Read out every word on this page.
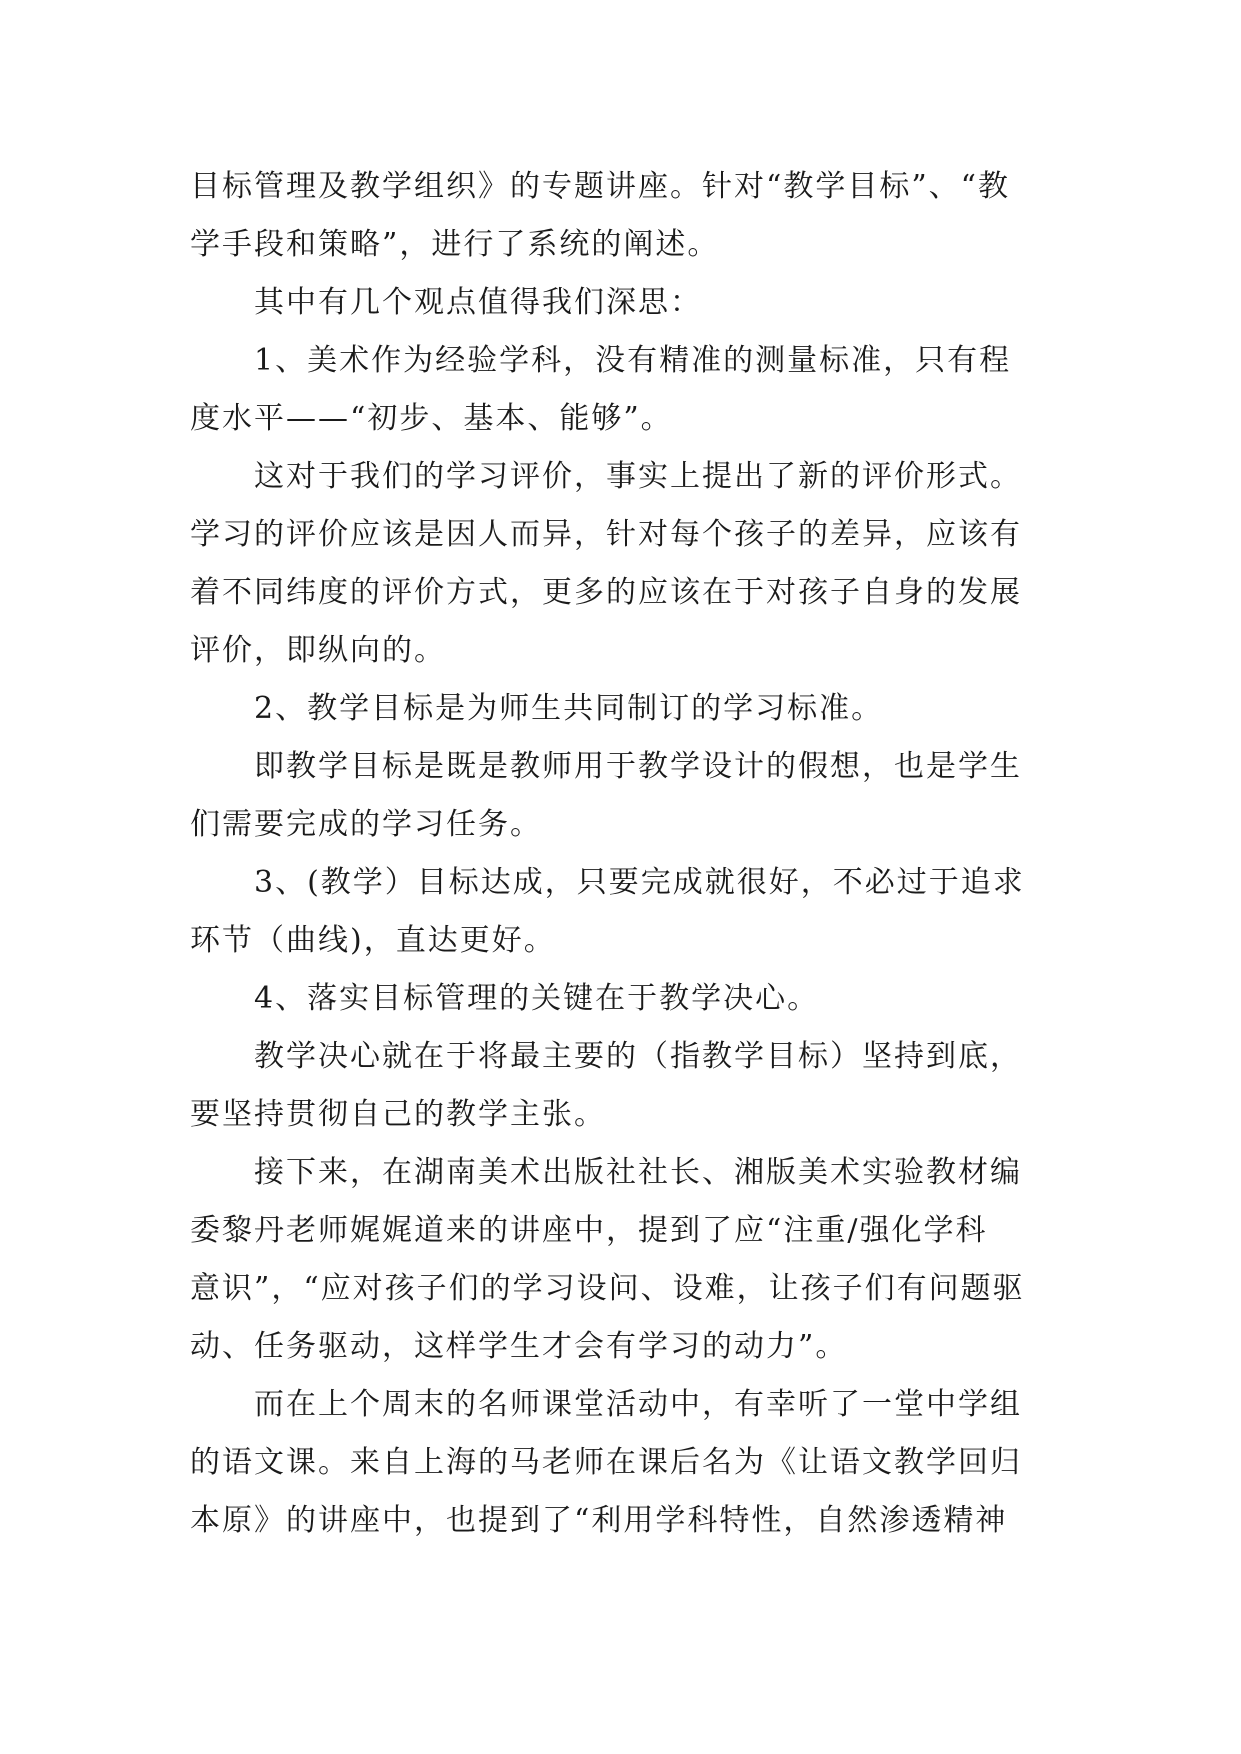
目标管理及教学组织》的专题讲座。针对“教学目标”、“教
学手段和策略”，进行了系统的阐述。
其中有几个观点值得我们深思：
1、美术作为经验学科，没有精准的测量标准，只有程
度水平——“初步、基本、能够”。
这对于我们的学习评价，事实上提出了新的评价形式。
学习的评价应该是因人而异，针对每个孩子的差异，应该有
着不同纬度的评价方式，更多的应该在于对孩子自身的发展
评价，即纵向的。
2、教学目标是为师生共同制订的学习标准。
即教学目标是既是教师用于教学设计的假想，也是学生
们需要完成的学习任务。
3、(教学）目标达成，只要完成就很好，不必过于追求
环节（曲线)，直达更好。
4、落实目标管理的关键在于教学决心。
教学决心就在于将最主要的（指教学目标）坚持到底，
要坚持贯彻自己的教学主张。
接下来，在湖南美术出版社社长、湘版美术实验教材编
委黎丹老师娓娓道来的讲座中，提到了应“注重/强化学科
意识”，“应对孩子们的学习设问、设难，让孩子们有问题驱
动、任务驱动，这样学生才会有学习的动力”。
而在上个周末的名师课堂活动中，有幸听了一堂中学组
的语文课。来自上海的马老师在课后名为《让语文教学回归
本原》的讲座中，也提到了“利用学科特性，自然渗透精神
